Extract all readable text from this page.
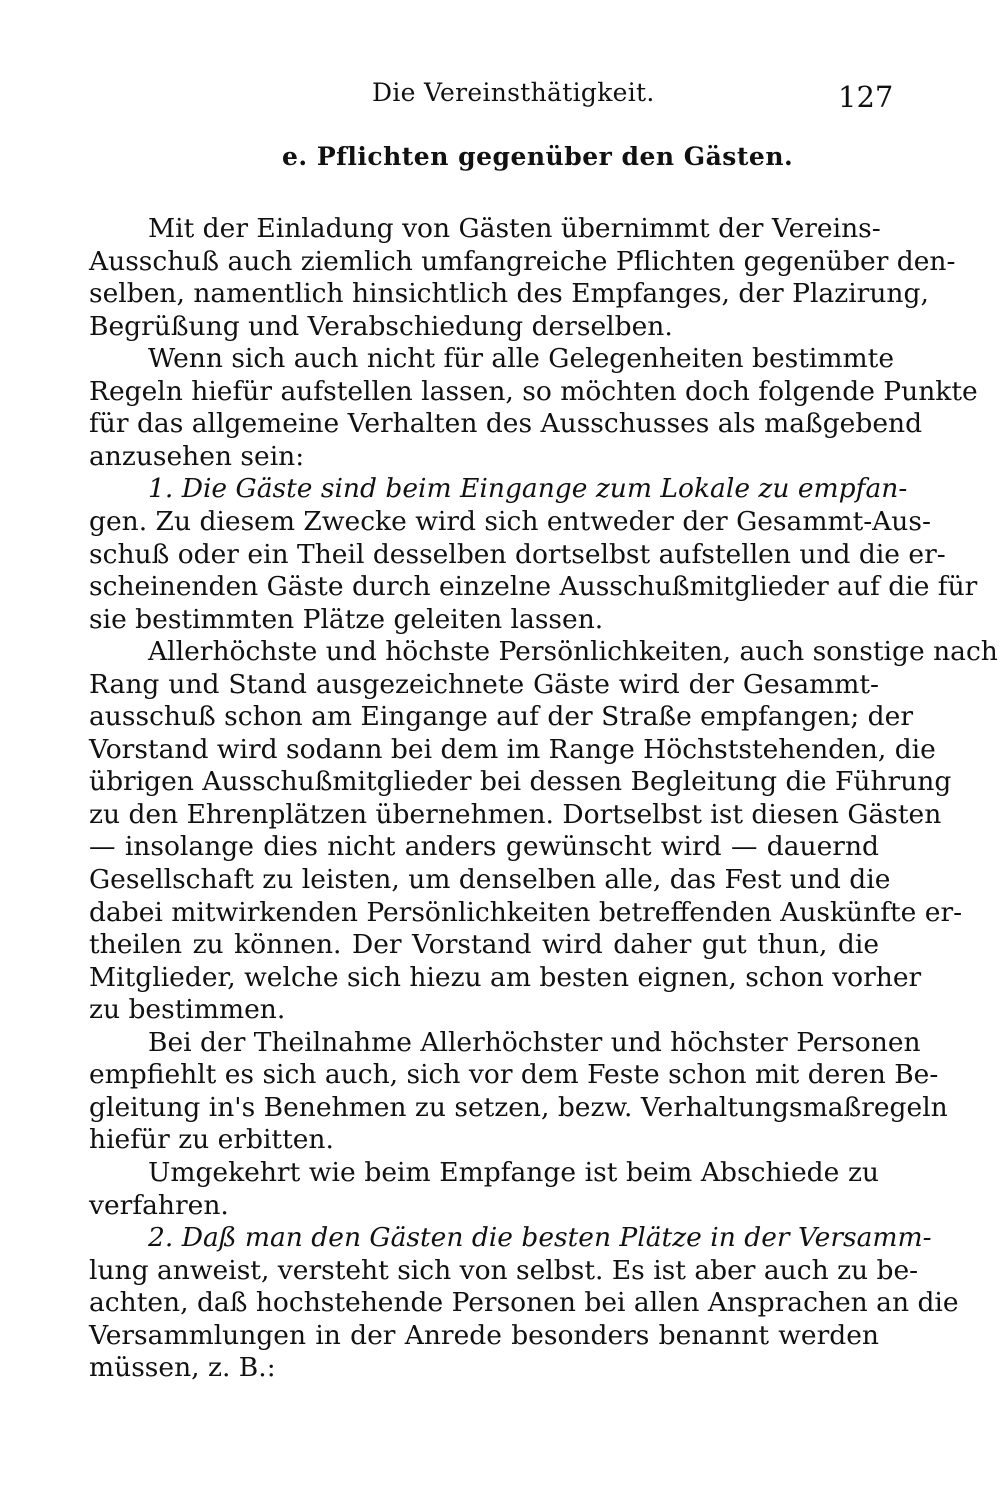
Die Vereinsthätigkeit.	127
e. Pflichten gegenüber den Gästen.
Mit der Einladung von Gästen übernimmt der Vereins-
Ausschuß auch ziemlich umfangreiche Pflichten gegenüber den-
selben, namentlich hinsichtlich des Empfanges, der Plazirung,
Begrüßung und Verabschiedung derselben.
Wenn sich auch nicht für alle Gelegenheiten bestimmte
Regeln hiefür aufstellen lassen, so möchten doch folgende Punkte
für das allgemeine Verhalten des Ausschusses als maßgebend
anzusehen sein:
1. Die Gäste sind beim Eingange zum Lokale zu empfan-
gen. Zu diesem Zwecke wird sich entweder der Gesammt-Aus-
schuß oder ein Theil desselben dortselbst aufstellen und die er-
scheinenden Gäste durch einzelne Ausschußmitglieder auf die für
sie bestimmten Plätze geleiten lassen.
Allerhöchste und höchste Persönlichkeiten, auch sonstige nach
Rang und Stand ausgezeichnete Gäste wird der Gesammt-
ausschuß schon am Eingange auf der Straße empfangen; der
Vorstand wird sodann bei dem im Range Höchststehenden, die
übrigen Ausschußmitglieder bei dessen Begleitung die Führung
zu den Ehrenplätzen übernehmen. Dortselbst ist diesen Gästen
— insolange dies nicht anders gewünscht wird — dauernd
Gesellschaft zu leisten, um denselben alle, das Fest und die
dabei mitwirkenden Persönlichkeiten betreffenden Auskünfte er-
theilen zu können. Der Vorstand wird daher gut thun, die
Mitglieder, welche sich hiezu am besten eignen, schon vorher
zu bestimmen.
Bei der Theilnahme Allerhöchster und höchster Personen
empfiehlt es sich auch, sich vor dem Feste schon mit deren Be-
gleitung in's Benehmen zu setzen, bezw. Verhaltungsmaßregeln
hiefür zu erbitten.
Umgekehrt wie beim Empfange ist beim Abschiede zu
verfahren.
2. Daß man den Gästen die besten Plätze in der Versamm-
lung anweist, versteht sich von selbst. Es ist aber auch zu be-
achten, daß hochstehende Personen bei allen Ansprachen an die
Versammlungen in der Anrede besonders benannt werden
müssen, z. B.:
